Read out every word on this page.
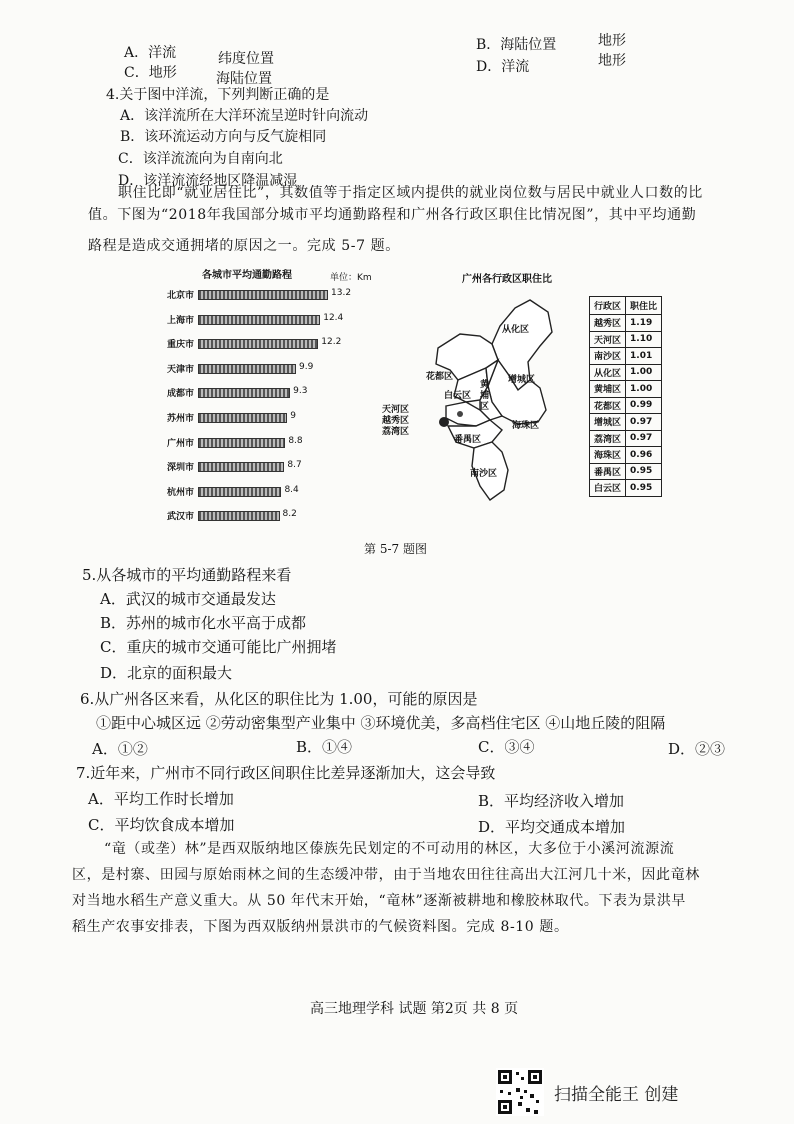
A．洋流	纬度位置
B．海陆位置	地形
C．地形	海陆位置
D．洋流	地形
4.关于图中洋流，下列判断正确的是
A．该洋流所在大洋环流呈逆时针向流动
B．该环流运动方向与反气旋相同
C．该洋流流向为自南向北
D．该洋流流经地区降温减湿
职住比即“就业居住比”，其数值等于指定区域内提供的就业岗位数与居民中就业人口数的比
值。下图为“2018年我国部分城市平均通勤路程和广州各行政区职住比情况图”，其中平均通勤
路程是造成交通拥堵的原因之一。完成 5-7 题。
各城市平均通勤路程	单位：Km
北京市	13.2
上海市	12.4
重庆市	12.2
天津市	9.9
成都市	9.3
苏州市	9
广州市	8.8
深圳市	8.7
杭州市	8.4
武汉市	8.2
广州各行政区职住比
从化区
花都区
白云区
黄埔区
增城区
天河区
越秀区
荔湾区
海珠区
番禺区
南沙区
行政区	职住比
越秀区	1.19
天河区	1.10
南沙区	1.01
从化区	1.00
黄埔区	1.00
花都区	0.99
增城区	0.97
荔湾区	0.97
海珠区	0.96
番禺区	0.95
白云区	0.95
第 5-7 题图
5.从各城市的平均通勤路程来看
A．武汉的城市交通最发达
B．苏州的城市化水平高于成都
C．重庆的城市交通可能比广州拥堵
D．北京的面积最大
6.从广州各区来看，从化区的职住比为 1.00，可能的原因是
①距中心城区远 ②劳动密集型产业集中 ③环境优美，多高档住宅区 ④山地丘陵的阻隔
A．①②	B．①④	C．③④	D．②③
7.近年来，广州市不同行政区间职住比差异逐渐加大，这会导致
A．平均工作时长增加	B．平均经济收入增加
C．平均饮食成本增加	D．平均交通成本增加
“竜（或垄）林”是西双版纳地区傣族先民划定的不可动用的林区，大多位于小溪河流源流
区，是村寨、田园与原始雨林之间的生态缓冲带，由于当地农田往往高出大江河几十米，因此竜林
对当地水稻生产意义重大。从 50 年代末开始，“竜林”逐渐被耕地和橡胶林取代。下表为景洪早
稻生产农事安排表，下图为西双版纳州景洪市的气候资料图。完成 8-10 题。
高三地理学科 试题 第2页 共 8 页
扫描全能王 创建
